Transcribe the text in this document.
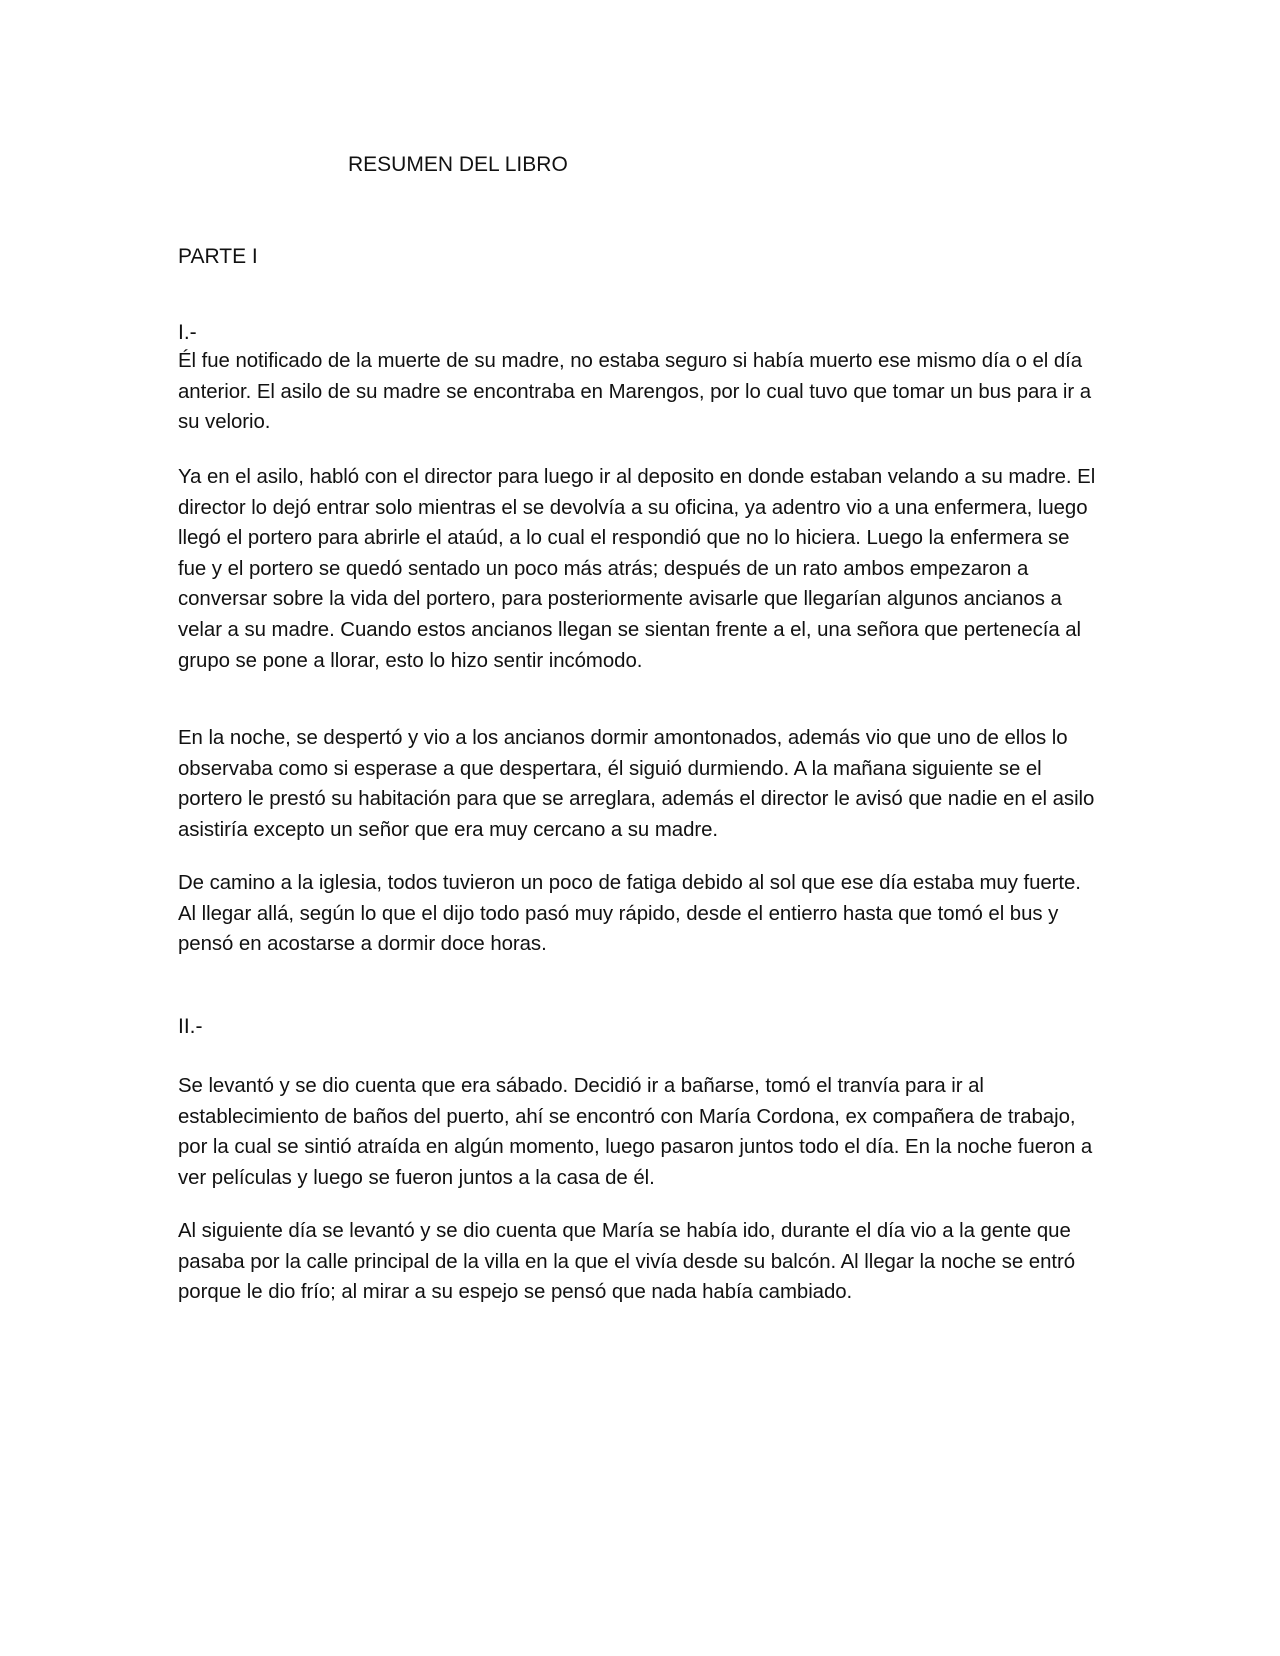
RESUMEN DEL LIBRO
PARTE I

I.-

Él fue notificado de la muerte de su madre, no estaba seguro si había muerto ese mismo día o el día anterior. El asilo de su madre se encontraba en Marengos, por lo cual tuvo que tomar un bus para ir a su velorio.

Ya en el asilo, habló con el director para luego ir al deposito en donde estaban velando a su madre. El director lo dejó entrar solo mientras el se devolvía a su oficina, ya adentro vio a una enfermera, luego llegó el portero para abrirle el ataúd, a lo cual el respondió que no lo hiciera. Luego la enfermera se fue y el portero se quedó sentado un poco más atrás; después de un rato ambos empezaron a conversar sobre la vida del portero, para posteriormente avisarle que llegarían algunos ancianos a velar a su madre. Cuando estos ancianos llegan se sientan frente a el, una señora que pertenecía al grupo se pone a llorar, esto lo hizo sentir incómodo.

En la noche, se despertó y vio a los ancianos dormir amontonados, además vio que uno de ellos lo observaba como si esperase a que despertara, él siguió durmiendo. A la mañana siguiente se el portero le prestó su habitación para que se arreglara, además el director le avisó que nadie en el asilo asistiría excepto un señor que era muy cercano a su madre.

De camino a la iglesia, todos tuvieron un poco de fatiga debido al sol que ese día estaba muy fuerte. Al llegar allá, según lo que el dijo todo pasó muy rápido, desde el entierro hasta que tomó el bus y pensó en acostarse a dormir doce horas.

II.-

Se levantó y se dio cuenta que era sábado. Decidió ir a bañarse, tomó el tranvía para ir al establecimiento de baños del puerto, ahí se encontró con María Cordona, ex compañera de trabajo, por la cual se sintió atraída en algún momento, luego pasaron juntos todo el día. En la noche fueron a ver películas y luego se fueron juntos a la casa de él.

Al siguiente día se levantó y se dio cuenta que María se había ido, durante el día vio a la gente que pasaba por la calle principal de la villa en la que el vivía desde su balcón. Al llegar la noche se entró porque le dio frío; al mirar a su espejo se pensó que nada había cambiado.
